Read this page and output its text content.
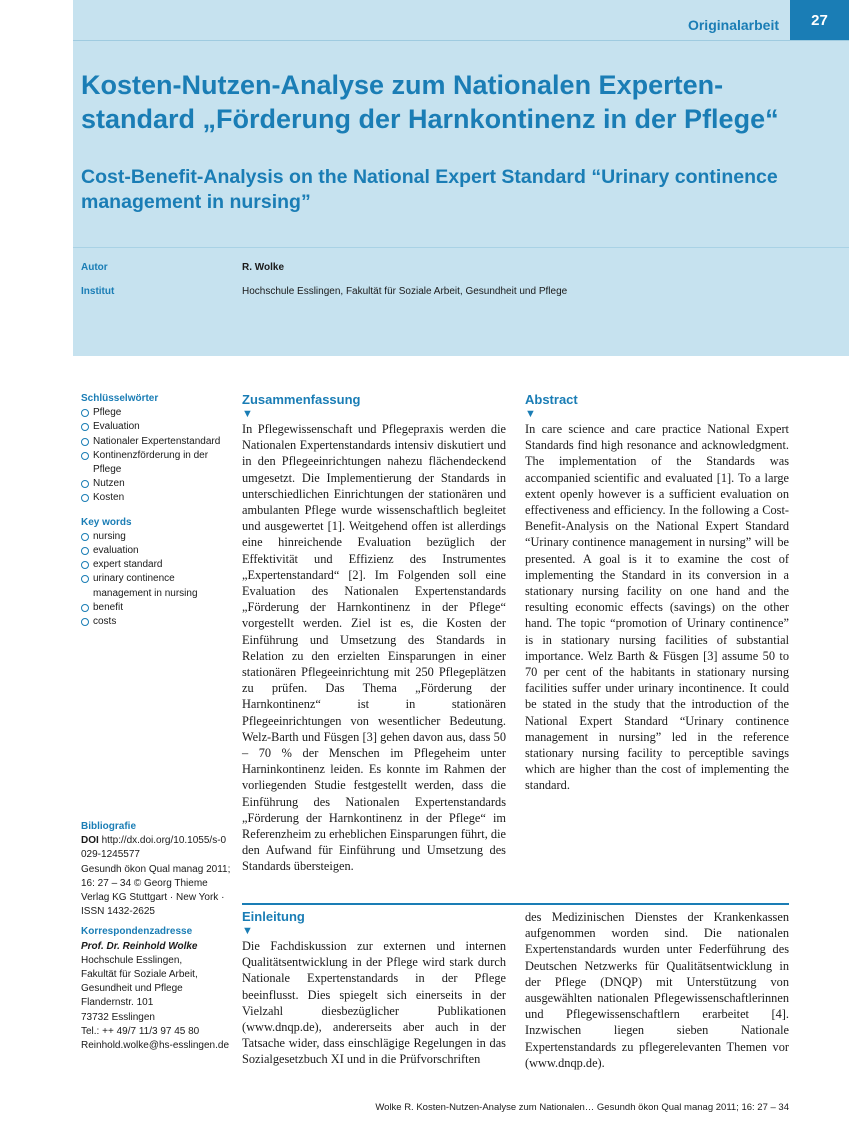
Originalarbeit	27
Kosten-Nutzen-Analyse zum Nationalen Expertenstandard „Förderung der Harnkontinenz in der Pflege“
Cost-Benefit-Analysis on the National Expert Standard “Urinary continence management in nursing”
Autor	R. Wolke
Institut	Hochschule Esslingen, Fakultät für Soziale Arbeit, Gesundheit und Pflege
Schlüsselwörter
Pflege
Evaluation
Nationaler Expertenstandard
Kontinenzförderung in der Pflege
Nutzen
Kosten
Key words
nursing
evaluation
expert standard
urinary continence management in nursing
benefit
costs
Bibliografie

DOI http://dx.doi.org/10.1055/s-0029-1245577

Gesundh ökon Qual manag 2011; 16: 27 – 34 © Georg Thieme Verlag KG Stuttgart · New York · ISSN 1432-2625

Korrespondenzadresse

Prof. Dr. Reinhold Wolke

Hochschule Esslingen,

Fakultät für Soziale Arbeit,

Gesundheit und Pflege

Flandernstr. 101

73732 Esslingen

Tel.: ++ 49/7 11/3 97 45 80

Reinhold.wolke@hs-esslingen.de

Zusammenfassung
▼

In Pflegewissenschaft und Pflegepraxis werden die Nationalen Expertenstandards intensiv diskutiert und in den Pflegeeinrichtungen nahezu flächendeckend umgesetzt. Die Implementierung der Standards in unterschiedlichen Einrichtungen der stationären und ambulanten Pflege wurde wissenschaftlich begleitet und ausgewertet [1]. Weitgehend offen ist allerdings eine hinreichende Evaluation bezüglich der Effektivität und Effizienz des Instrumentes „Expertenstandard“ [2]. Im Folgenden soll eine Evaluation des Nationalen Expertenstandards „Förderung der Harnkontinenz in der Pflege“ vorgestellt werden. Ziel ist es, die Kosten der Einführung und Umsetzung des Standards in Relation zu den erzielten Einsparungen in einer stationären Pflegeeinrichtung mit 250 Pflegeplätzen zu prüfen. Das Thema „Förderung der Harnkontinenz“ ist in stationären Pflegeeinrichtungen von wesentlicher Bedeutung. Welz-Barth und Füsgen [3] gehen davon aus, dass 50 – 70 % der Menschen im Pflegeheim unter Harninkontinenz leiden. Es konnte im Rahmen der vorliegenden Studie festgestellt werden, dass die Einführung des Nationalen Expertenstandards „Förderung der Harnkontinenz in der Pflege“ im Referenzheim zu erheblichen Einsparungen führt, die den Aufwand für Einführung und Umsetzung des Standards übersteigen.

Abstract
▼

In care science and care practice National Expert Standards find high resonance and acknowledgment. The implementation of the Standards was accompanied scientific and evaluated [1]. To a large extent openly however is a sufficient evaluation on effectiveness and efficiency. In the following a Cost-Benefit-Analysis on the National Expert Standard “Urinary continence management in nursing” will be presented. A goal is it to examine the cost of implementing the Standard in its conversion in a stationary nursing facility on one hand and the resulting economic effects (savings) on the other hand. The topic “promotion of Urinary continence” is in stationary nursing facilities of substantial importance. Welz Barth & Füsgen [3] assume 50 to 70 per cent of the habitants in stationary nursing facilities suffer under urinary incontinence. It could be stated in the study that the introduction of the National Expert Standard “Urinary continence management in nursing” led in the reference stationary nursing facility to perceptible savings which are higher than the cost of implementing the standard.

Einleitung
▼

Die Fachdiskussion zur externen und internen Qualitätsentwicklung in der Pflege wird stark durch Nationale Expertenstandards in der Pflege beeinflusst. Dies spiegelt sich einerseits in der Vielzahl diesbezüglicher Publikationen (www.dnqp.de), andererseits aber auch in der Tatsache wider, dass einschlägige Regelungen in das Sozialgesetzbuch XI und in die Prüfvorschriften

des Medizinischen Dienstes der Krankenkassen aufgenommen worden sind. Die nationalen Expertenstandards wurden unter Federführung des Deutschen Netzwerks für Qualitätsentwicklung in der Pflege (DNQP) mit Unterstützung von ausgewählten nationalen Pflegewissenschaftlerinnen und Pflegewissenschaftlern erarbeitet [4]. Inzwischen liegen sieben Nationale Expertenstandards zu pflegerelevanten Themen vor (www.dnqp.de).

Wolke R. Kosten-Nutzen-Analyse zum Nationalen… Gesundh ökon Qual manag 2011; 16: 27 – 34
